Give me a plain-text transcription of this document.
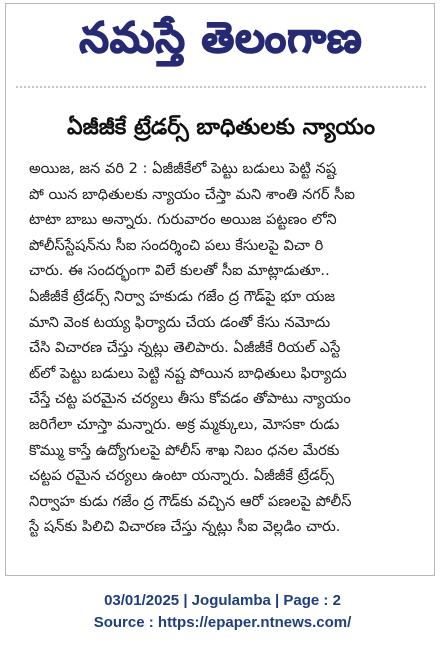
నమస్తే తెలంగాణ
ఏజీజీకే ట్రేడర్స్ బాధితులకు న్యాయం
అయిజ, జన వరి 2 : ఏజీజీకేలో పెట్టు బడులు పెట్టి నష్ట
పో యిన బాధితులకు న్యాయం చేస్తా మని శాంతి నగర్ సీఐ
టాటా బాబు అన్నారు. గురువారం అయిజ పట్టణం లోని
పోలీస్‌స్టేషన్‌ను సీఐ సందర్శించి పలు కేసులపై విచా రి
చారు. ఈ సందర్భంగా విలే కులతో సీఐ మాట్లాడుతూ..
ఏజీజీకే ట్రేడర్స్ నిర్వా హకుడు గజేం ద్ర గౌడ్‌పై భూ యజ
మాని వెంక టయ్య ఫిర్యాదు చేయ డంతో కేసు నమోదు
చేసి విచారణ చేస్తు న్నట్లు తెలిపారు. ఏజీజీకే రియల్ ఎస్టే
ట్‌లో పెట్టు బడులు పెట్టి నష్ట పోయిన బాధితులు ఫిర్యాదు
చేస్తే చట్ట పరమైన చర్యలు తీసు కోవడం తోపాటు న్యాయం
జరిగేలా చూస్తా మన్నారు. అక్ర మ్మక్కులు, మోసకా రుడు
కొమ్ము కాస్తే ఉద్యోగులపై పోలీస్ శాఖ నిబం ధనల మేరకు
చట్టప రమైన చర్యలు ఉంటా యన్నారు. ఏజీజీకే ట్రేడర్స్
నిర్వాహ కుడు గజేం ద్ర గౌడ్‌కు వచ్చిన ఆరో పణలపై పోలీస్
స్టే షన్‌కు పిలిచి విచారణ చేస్తు న్నట్లు సీఐ వెల్లడిం చారు.
03/01/2025 | Jogulamba | Page : 2
Source : https://epaper.ntnews.com/
